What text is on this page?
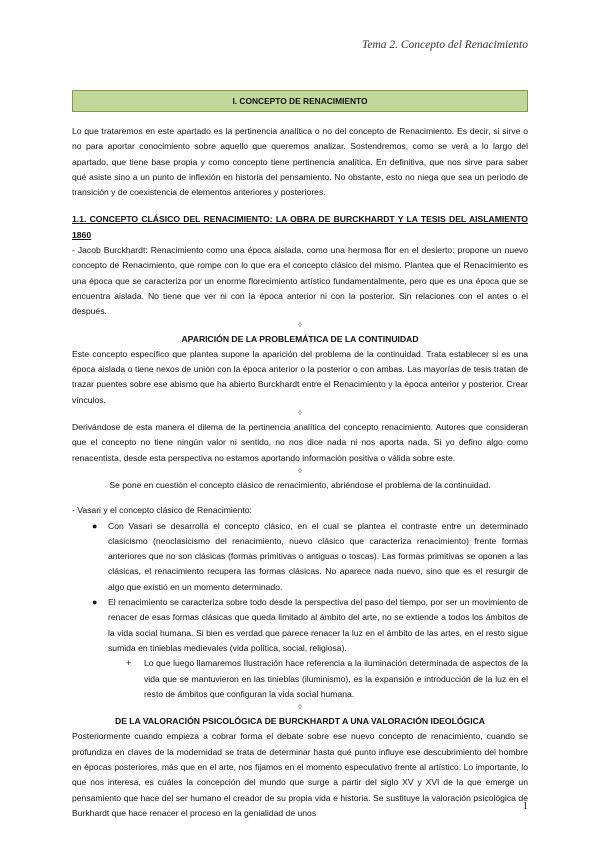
Tema 2. Concepto del Renacimiento
I. CONCEPTO DE RENACIMIENTO

Lo que trataremos en este apartado es la pertinencia analítica o no del concepto de Renacimiento. Es decir, si sirve o no para aportar conocimiento sobre aquello que queremos analizar. Sostendremos, como se verá a lo largo del apartado, que tiene base propia y como concepto tiene pertinencia analítica. En definitiva, que nos sirve para saber qué asiste sino a un punto de inflexión en historia del pensamiento. No obstante, esto no niega que sea un periodo de transición y de coexistencia de elementos anteriores y posteriores.

1.1. CONCEPTO CLÁSICO DEL RENACIMIENTO: LA OBRA DE BURCKHARDT Y LA TESIS DEL AISLAMIENTO 1860

- Jacob Burckhardt: Renacimiento como una época aislada, como una hermosa flor en el desierto: propone un nuevo concepto de Renacimiento, que rompe con lo que era el concepto clásico del mismo. Plantea que el Renacimiento es una época que se caracteriza por un enorme florecimiento artístico fundamentalmente, pero que es una época que se encuentra aislada. No tiene que ver ni con la época anterior ni con la posterior. Sin relaciones con el antes o el después.

◊

APARICIÓN DE LA PROBLEMÁTICA DE LA CONTINUIDAD

Este concepto específico que plantea supone la aparición del problema de la continuidad. Trata establecer si es una época aislada o tiene nexos de unión con la época anterior o la posterior o con ambas. Las mayorías de tesis tratan de trazar puentes sobre ese abismo que ha abierto Burckhardt entre el Renacimiento y la época anterior y posterior. Crear vínculos.

◊

Derivándose de esta manera el dilema de la pertinencia analítica del concepto renacimiento. Autores que consideran que el concepto no tiene ningún valor ni sentido, no nos dice nada ni nos aporta nada. Si yo defino algo como renacentista, desde esta perspectiva no estamos aportando información positiva o válida sobre este.

◊

Se pone en cuestión el concepto clásico de renacimiento, abriéndose el problema de la continuidad.

- Vasari y el concepto clásico de Renacimiento:

● Con Vasari se desarrolla el concepto clásico, en el cual se plantea el contraste entre un determinado clasicismo (neoclasicismo del renacimiento, nuevo clásico que caracteriza renacimiento) frente formas anteriores que no son clásicas (formas primitivas o antiguas o toscas). Las formas primitivas se oponen a las clásicas, el renacimiento recupera las formas clásicas. No aparece nada nuevo, sino que es el resurgir de algo que existió en un momento determinado.
● El renacimiento se caracteriza sobre todo desde la perspectiva del paso del tiempo, por ser un movimiento de renacer de esas formas clásicas que queda limitado al ámbito del arte, no se extiende a todos los ámbitos de la vida social humana. Si bien es verdad que parece renacer la luz en el ámbito de las artes, en el resto sigue sumida en tinieblas medievales (vida política, social, religiosa).
+ Lo que luego llamaremos Ilustración hace referencia a la iluminación determinada de aspectos de la vida que se mantuvieron en las tinieblas (iluminismo), es la expansión e introducción de la luz en el resto de ámbitos que configuran la vida social humana.
◊

DE LA VALORACIÓN PSICOLÓGICA DE BURCKHARDT A UNA VALORACIÓN IDEOLÓGICA

Posteriormente cuando empieza a cobrar forma el debate sobre ese nuevo concepto de renacimiento, cuando se profundiza en claves de la modernidad se trata de determinar hasta qué punto influye ese descubrimiento del hombre en épocas posteriores, más que en el arte, nos fijamos en el momento especulativo frente al artístico. Lo importante, lo que nos interesa, es cuáles la concepción del mundo que surge a partir del siglo XV y XVI de la que emerge un pensamiento que hace del ser humano el creador de su propia vida e historia. Se sustituye la valoración psicológica de Burkhardt que hace renacer el proceso en la genialidad de unos

1
